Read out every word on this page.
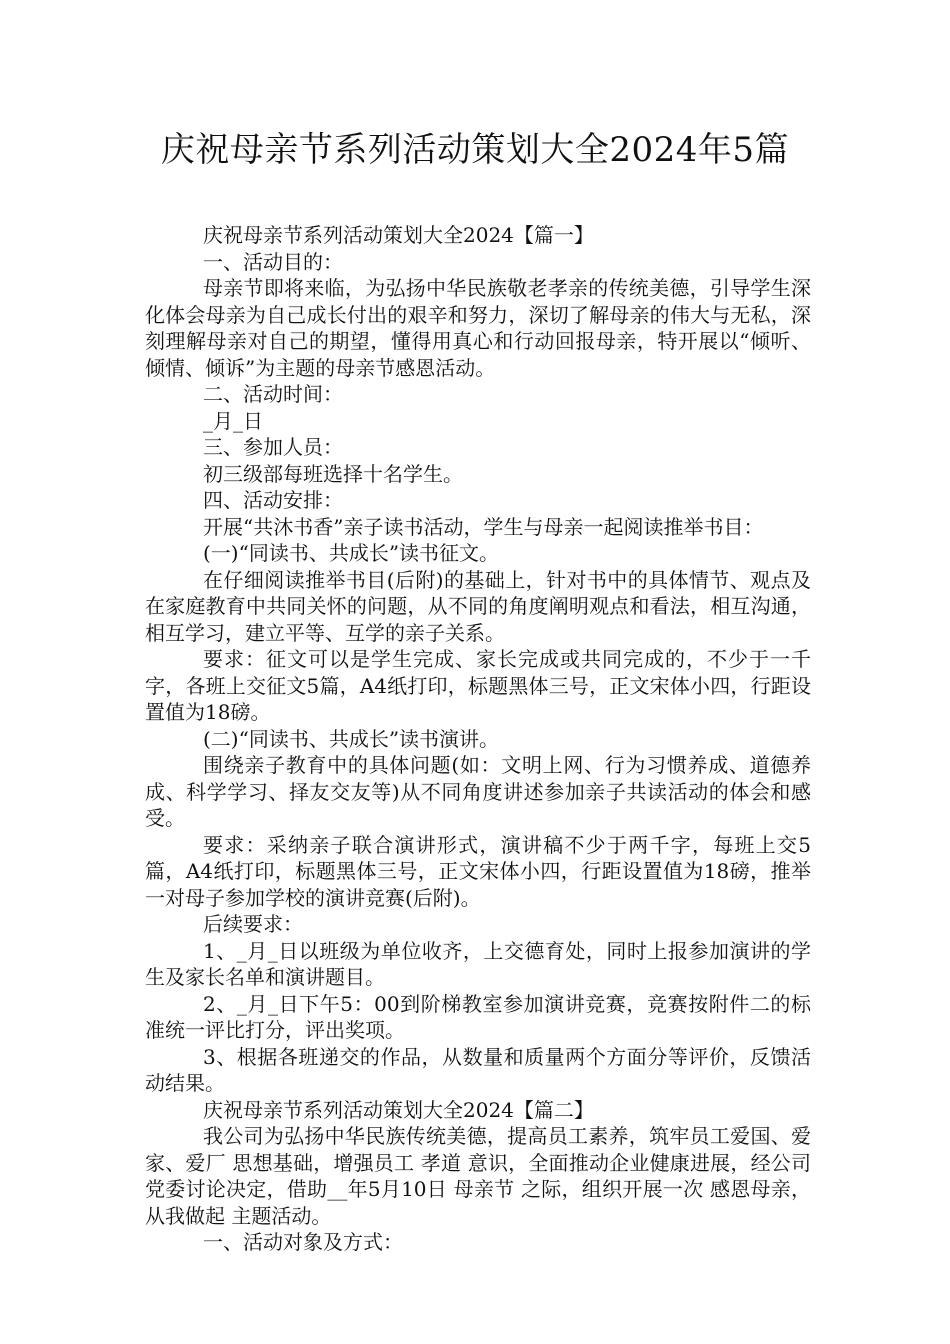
庆祝母亲节系列活动策划大全2024年5篇

庆祝母亲节系列活动策划大全2024【篇一】

一、活动目的：

母亲节即将来临，为弘扬中华民族敬老孝亲的传统美德，引导学生深化体会母亲为自己成长付出的艰辛和努力，深切了解母亲的伟大与无私，深刻理解母亲对自己的期望，懂得用真心和行动回报母亲，特开展以“倾听、倾情、倾诉”为主题的母亲节感恩活动。

二、活动时间：

_月_日

三、参加人员：

初三级部每班选择十名学生。

四、活动安排：

开展“共沐书香”亲子读书活动，学生与母亲一起阅读推举书目：

(一)“同读书、共成长”读书征文。

在仔细阅读推举书目(后附)的基础上，针对书中的具体情节、观点及在家庭教育中共同关怀的问题，从不同的角度阐明观点和看法，相互沟通，相互学习，建立平等、互学的亲子关系。

要求：征文可以是学生完成、家长完成或共同完成的，不少于一千字，各班上交征文5篇，A4纸打印，标题黑体三号，正文宋体小四，行距设置值为18磅。

(二)“同读书、共成长”读书演讲。

围绕亲子教育中的具体问题(如：文明上网、行为习惯养成、道德养成、科学学习、择友交友等)从不同角度讲述参加亲子共读活动的体会和感受。

要求：采纳亲子联合演讲形式，演讲稿不少于两千字，每班上交5篇，A4纸打印，标题黑体三号，正文宋体小四，行距设置值为18磅，推举一对母子参加学校的演讲竞赛(后附)。

后续要求：

1、_月_日以班级为单位收齐，上交德育处，同时上报参加演讲的学生及家长名单和演讲题目。

2、_月_日下午5：00到阶梯教室参加演讲竞赛，竞赛按附件二的标准统一评比打分，评出奖项。

3、根据各班递交的作品，从数量和质量两个方面分等评价，反馈活动结果。

庆祝母亲节系列活动策划大全2024【篇二】

我公司为弘扬中华民族传统美德，提高员工素养，筑牢员工爱国、爱家、爱厂 思想基础，增强员工 孝道 意识，全面推动企业健康进展，经公司党委讨论决定，借助__年5月10日 母亲节 之际，组织开展一次 感恩母亲，从我做起 主题活动。

一、活动对象及方式：
